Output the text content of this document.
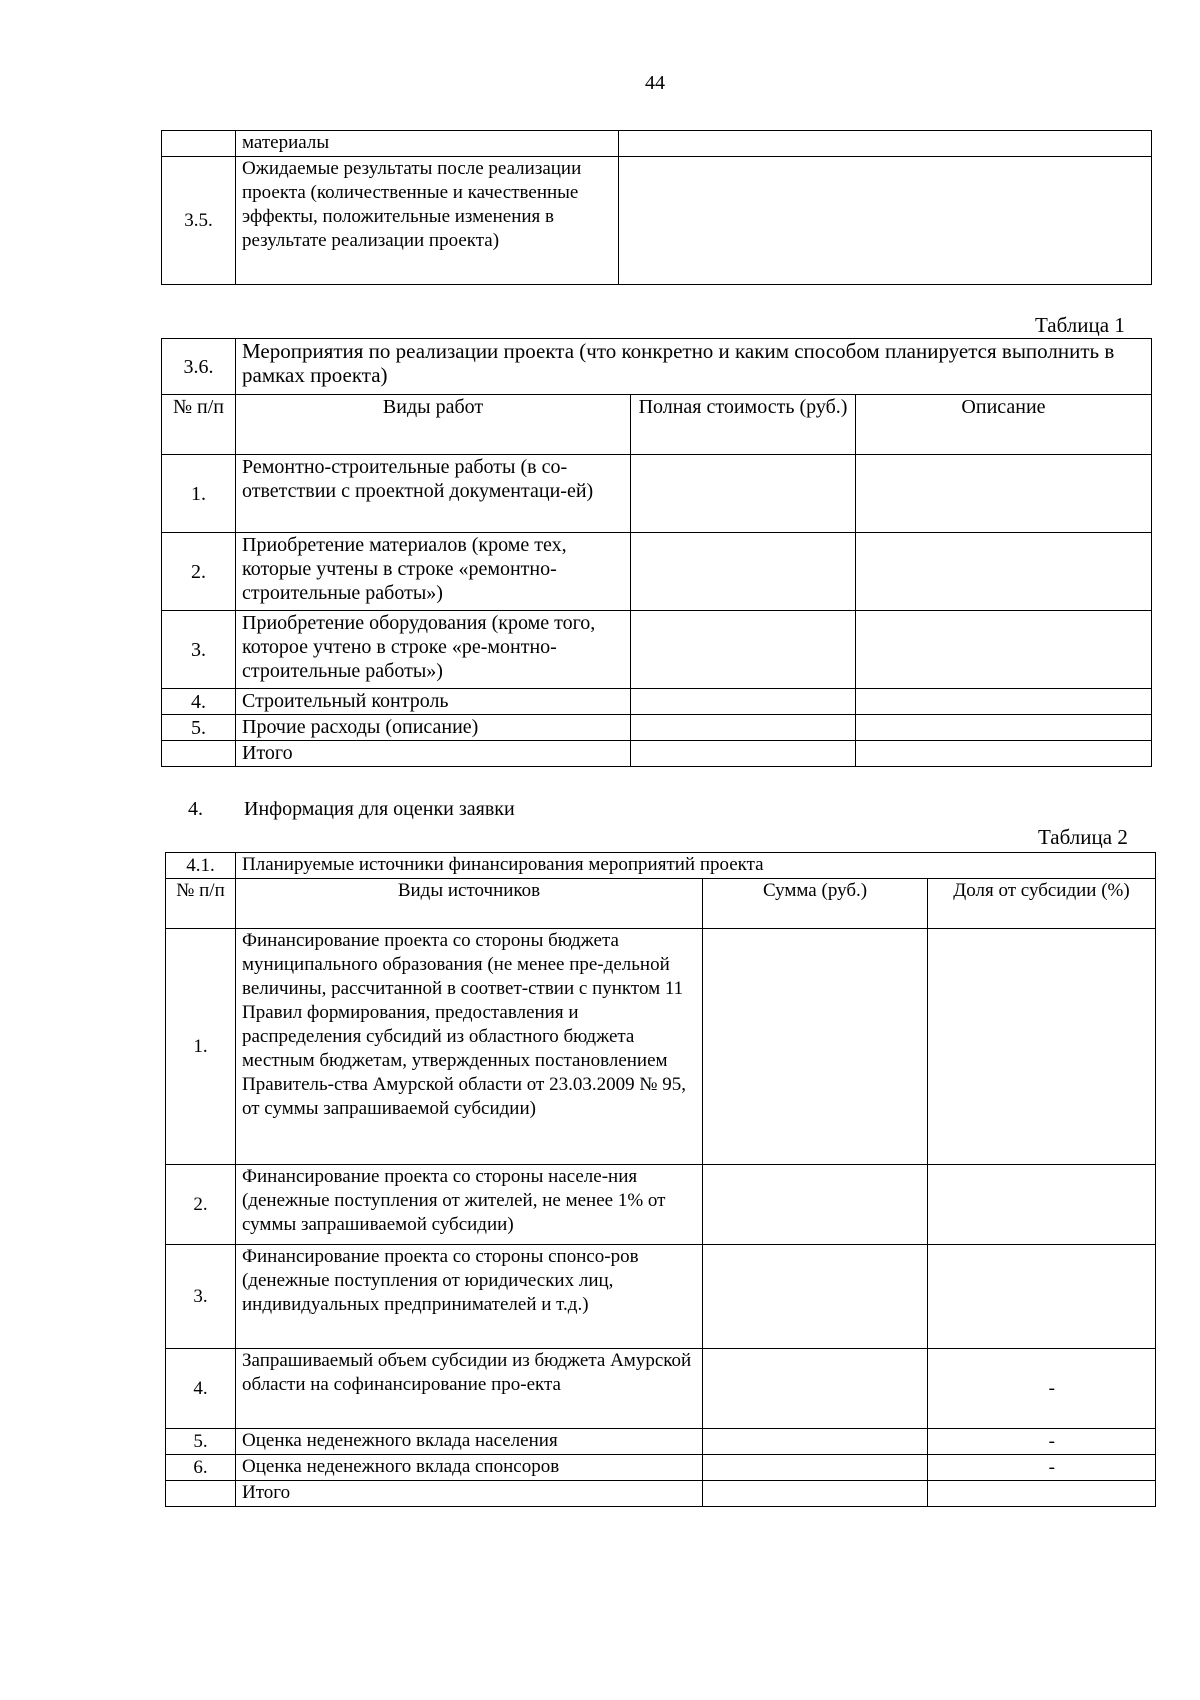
44
	материалы	
3.5.	Ожидаемые результаты после реализации проекта (количественные и качественные эффекты, положительные изменения в результате реализации проекта)	
Таблица 1
3.6.	Мероприятия по реализации проекта (что конкретно и каким способом планируется выполнить в рамках проекта)		
№ п/п	Виды работ	Полная стоимость (руб.)	Описание
1.	Ремонтно-строительные работы (в со-ответствии с проектной документаци-ей)		
2.	Приобретение материалов (кроме тех, которые учтены в строке «ремонтно-строительные работы»)		
3.	Приобретение оборудования (кроме того, которое учтено в строке «ре-монтно-строительные работы»)		
4.	Строительный контроль		
5.	Прочие расходы (описание)		
	Итого		
4. Информация для оценки заявки
Таблица 2
4.1.	Планируемые источники финансирования мероприятий проекта		
№ п/п	Виды источников	Сумма (руб.)	Доля от субсидии (%)
1.	Финансирование проекта со стороны бюджета муниципального образования (не менее пре-дельной величины, рассчитанной в соответ-ствии с пунктом 11 Правил формирования, предоставления и распределения субсидий из областного бюджета местным бюджетам, утвержденных постановлением Правитель-ства Амурской области от 23.03.2009 № 95, от суммы запрашиваемой субсидии)		
2.	Финансирование проекта со стороны населе-ния (денежные поступления от жителей, не менее 1% от суммы запрашиваемой субсидии)		
3.	Финансирование проекта со стороны спонсо-ров (денежные поступления от юридических лиц, индивидуальных предпринимателей и т.д.)		
4.	Запрашиваемый объем субсидии из бюджета Амурской области на софинансирование про-екта		-
5.	Оценка неденежного вклада населения		-
6.	Оценка неденежного вклада спонсоров		-
	Итого		
